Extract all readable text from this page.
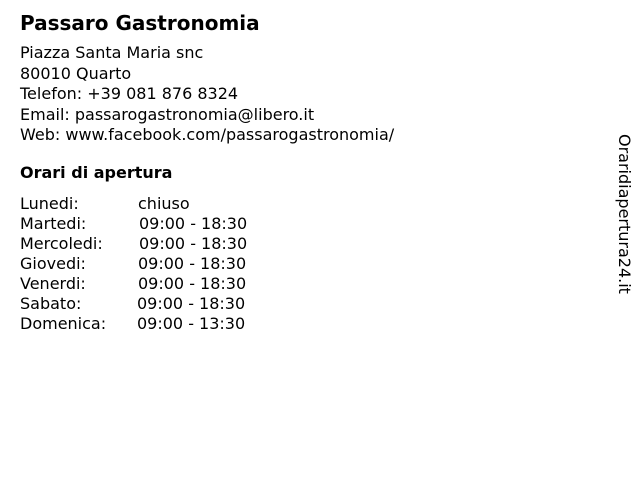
Passaro Gastronomia
Piazza Santa Maria snc
80010 Quarto
Telefon: +39 081 876 8324
Email: passarogastronomia@libero.it
Web: www.facebook.com/passarogastronomia/
Orari di apertura
Lunedi:	chiuso
Martedi:	09:00 - 18:30
Mercoledi: 09:00 - 18:30
Giovedi:	09:00 - 18:30
Venerdi:	09:00 - 18:30
Sabato:	09:00 - 18:30
Domenica: 09:00 - 13:30
Oraridiapertura24.it
